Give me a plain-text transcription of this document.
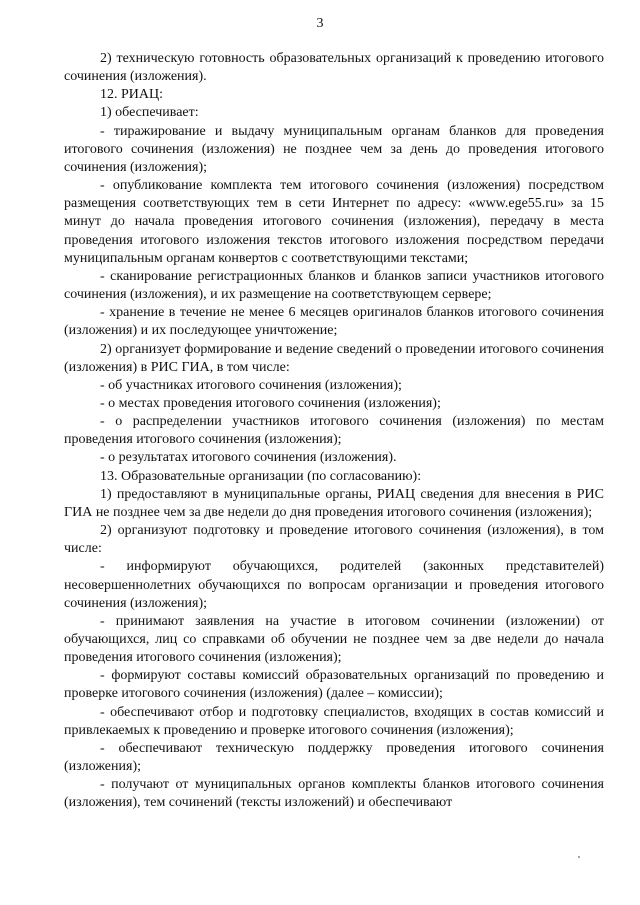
3

2) техническую готовность образовательных организаций к проведению итогового сочинения (изложения).

12. РИАЦ:

1) обеспечивает:

- тиражирование и выдачу муниципальным органам бланков для проведения итогового сочинения (изложения) не позднее чем за день до проведения итогового сочинения (изложения);

- опубликование комплекта тем итогового сочинения (изложения) посредством размещения соответствующих тем в сети Интернет по адресу: «www.ege55.ru» за 15 минут до начала проведения итогового сочинения (изложения), передачу в места проведения итогового изложения текстов итогового изложения посредством передачи муниципальным органам конвертов с соответствующими текстами;

- сканирование регистрационных бланков и бланков записи участников итогового сочинения (изложения), и их размещение на соответствующем сервере;

- хранение в течение не менее 6 месяцев оригиналов бланков итогового сочинения (изложения) и их последующее уничтожение;

2) организует формирование и ведение сведений о проведении итогового сочинения (изложения) в РИС ГИА, в том числе:

- об участниках итогового сочинения (изложения);

- о местах проведения итогового сочинения (изложения);

- о распределении участников итогового сочинения (изложения) по местам проведения итогового сочинения (изложения);

- о результатах итогового сочинения (изложения).

13. Образовательные организации (по согласованию):

1) предоставляют в муниципальные органы, РИАЦ сведения для внесения в РИС ГИА не позднее чем за две недели до дня проведения итогового сочинения (изложения);

2) организуют подготовку и проведение итогового сочинения (изложения), в том числе:

- информируют обучающихся, родителей (законных представителей) несовершеннолетних обучающихся по вопросам организации и проведения итогового сочинения (изложения);

- принимают заявления на участие в итоговом сочинении (изложении) от обучающихся, лиц со справками об обучении не позднее чем за две недели до начала проведения итогового сочинения (изложения);

- формируют составы комиссий образовательных организаций по проведению и проверке итогового сочинения (изложения) (далее – комиссии);

- обеспечивают отбор и подготовку специалистов, входящих в состав комиссий и привлекаемых к проведению и проверке итогового сочинения (изложения);

- обеспечивают техническую поддержку проведения итогового сочинения (изложения);

- получают от муниципальных органов комплекты бланков итогового сочинения (изложения), тем сочинений (тексты изложений) и обеспечивают
